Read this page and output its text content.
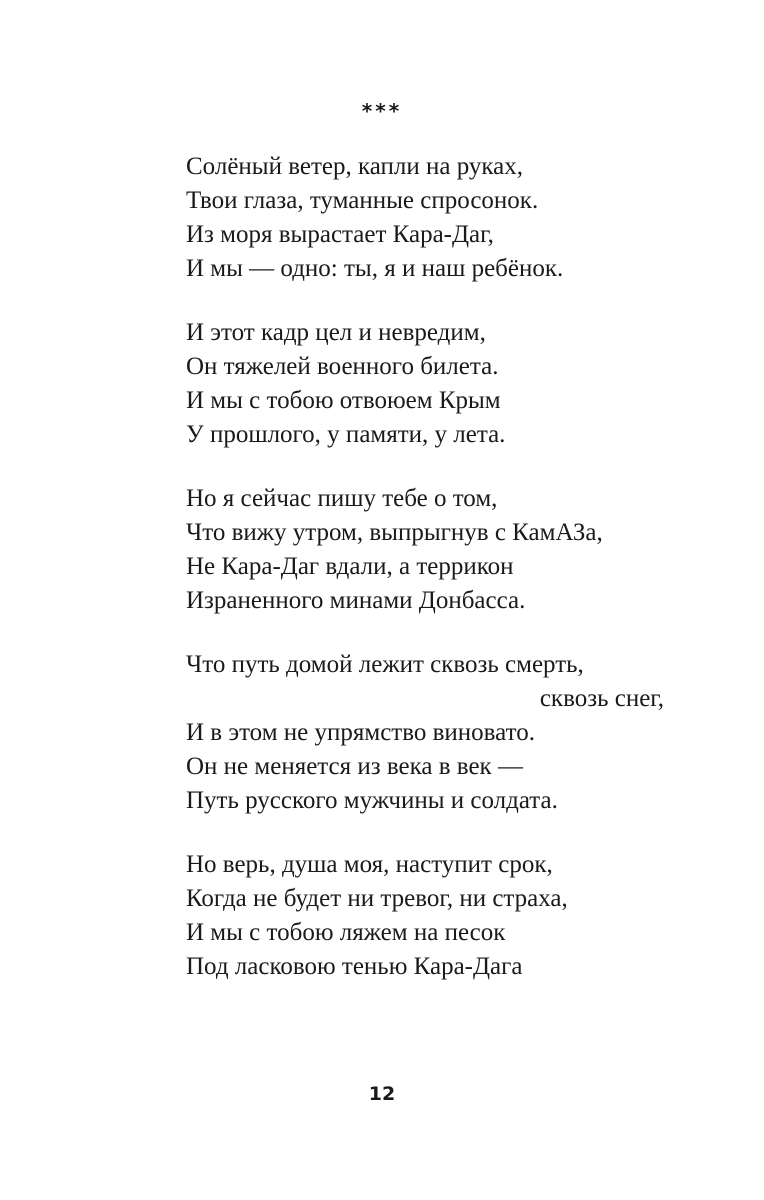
***
Солёный ветер, капли на руках,
Твои глаза, туманные спросонок.
Из моря вырастает Кара-Даг,
И мы — одно: ты, я и наш ребёнок.
И этот кадр цел и невредим,
Он тяжелей военного билета.
И мы с тобою отвоюем Крым
У прошлого, у памяти, у лета.
Но я сейчас пишу тебе о том,
Что вижу утром, выпрыгнув с КамАЗа,
Не Кара-Даг вдали, а террикон
Израненного минами Донбасса.
Что путь домой лежит сквозь смерть,
сквозь снег,
И в этом не упрямство виновато.
Он не меняется из века в век —
Путь русского мужчины и солдата.
Но верь, душа моя, наступит срок,
Когда не будет ни тревог, ни страха,
И мы с тобою ляжем на песок
Под ласковою тенью Кара-Дага
12
